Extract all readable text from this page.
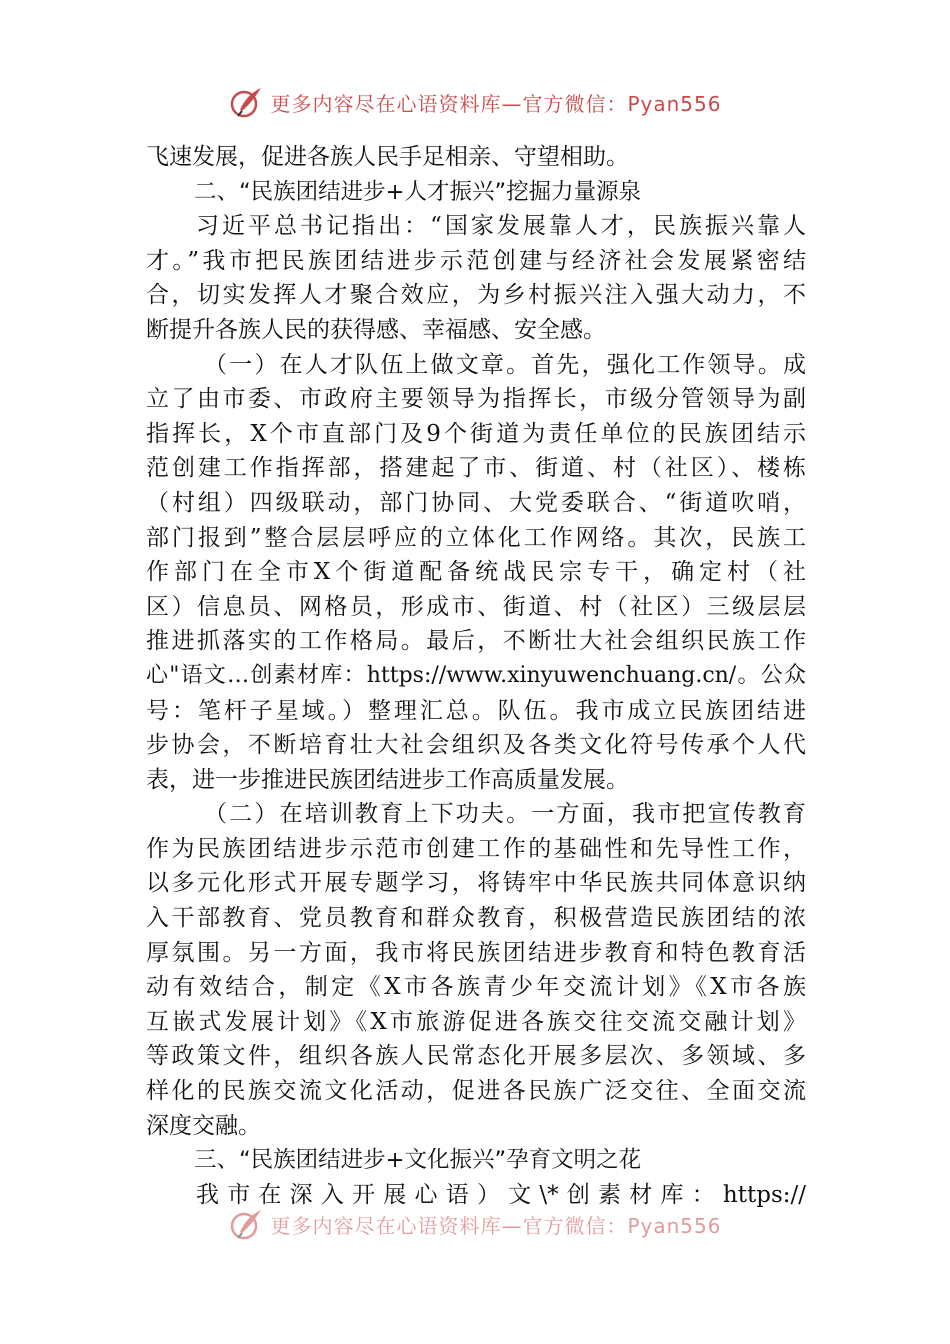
更多内容尽在心语资料库—官方微信：Pyan556
飞速发展，促进各族人民手足相亲、守望相助。
二、“民族团结进步+人才振兴”挖掘力量源泉
习近平总书记指出：“国家发展靠人才，民族振兴靠人
才。”我市把民族团结进步示范创建与经济社会发展紧密结
合，切实发挥人才聚合效应，为乡村振兴注入强大动力，不
断提升各族人民的获得感、幸福感、安全感。
（一）在人才队伍上做文章。首先，强化工作领导。成
立了由市委、市政府主要领导为指挥长，市级分管领导为副
指挥长，X个市直部门及9个街道为责任单位的民族团结示
范创建工作指挥部，搭建起了市、街道、村（社区）、楼栋
（村组）四级联动，部门协同、大党委联合、“街道吹哨，
部门报到”整合层层呼应的立体化工作网络。其次，民族工
作部门在全市X个街道配备统战民宗专干，确定村（社
区）信息员、网格员，形成市、街道、村（社区）三级层层
推进抓落实的工作格局。最后，不断壮大社会组织民族工作
心"语文…创素材库：https://www.xinyuwenchuang.cn/。公众
号：笔杆子星域。）整理汇总。队伍。我市成立民族团结进
步协会，不断培育壮大社会组织及各类文化符号传承个人代
表，进一步推进民族团结进步工作高质量发展。
（二）在培训教育上下功夫。一方面，我市把宣传教育
作为民族团结进步示范市创建工作的基础性和先导性工作，
以多元化形式开展专题学习，将铸牢中华民族共同体意识纳
入干部教育、党员教育和群众教育，积极营造民族团结的浓
厚氛围。另一方面，我市将民族团结进步教育和特色教育活
动有效结合，制定《X市各族青少年交流计划》《X市各族
互嵌式发展计划》《X市旅游促进各族交往交流交融计划》
等政策文件，组织各族人民常态化开展多层次、多领域、多
样化的民族交流文化活动，促进各民族广泛交往、全面交流
深度交融。
三、“民族团结进步+文化振兴”孕育文明之花
我市在深入开展心语）文\*创素材库：https://
更多内容尽在心语资料库—官方微信：Pyan556
